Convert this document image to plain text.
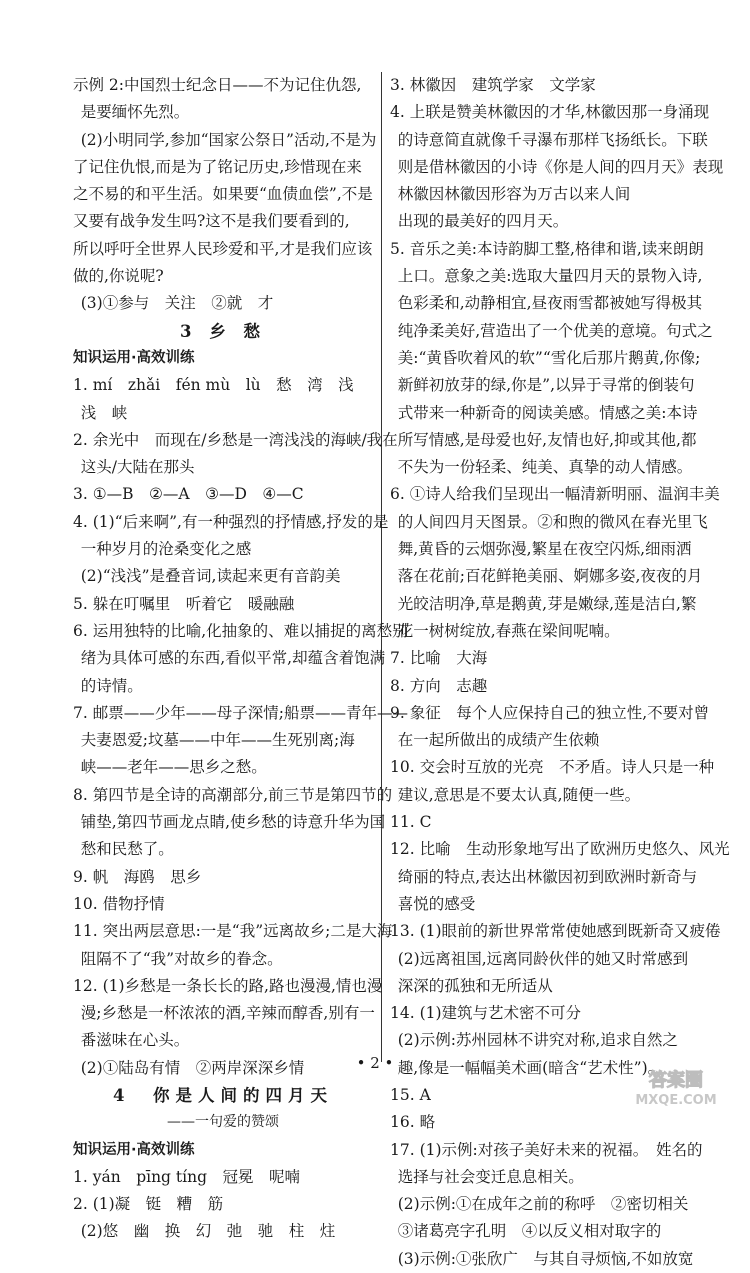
示例 2:中国烈士纪念日——不为记住仇怨,
是要缅怀先烈。
(2)小明同学,参加“国家公祭日”活动,不是为
了记住仇恨,而是为了铭记历史,珍惜现在来
之不易的和平生活。如果要“血债血偿”,不是
又要有战争发生吗?这不是我们要看到的,
所以呼吁全世界人民珍爱和平,才是我们应该
做的,你说呢?
(3)①参与　关注　②就　才
3 乡 愁
知识运用·高效训练
1. mí　zhǎi　fén mù　lù　愁　湾　浅
浅　峡
2. 余光中　而现在/乡愁是一湾浅浅的海峡/我在
这头/大陆在那头
3. ①—B　②—A　③—D　④—C
4. (1)“后来啊”,有一种强烈的抒情感,抒发的是
一种岁月的沧桑变化之感
(2)“浅浅”是叠音词,读起来更有音韵美
5. 躲在叮嘱里　听着它　暖融融
6. 运用独特的比喻,化抽象的、难以捕捉的离愁别
绪为具体可感的东西,看似平常,却蕴含着饱满
的诗情。
7. 邮票——少年——母子深情;船票——青年——
夫妻恩爱;坟墓——中年——生死别离;海
峡——老年——思乡之愁。
8. 第四节是全诗的高潮部分,前三节是第四节的
铺垫,第四节画龙点睛,使乡愁的诗意升华为国
愁和民愁了。
9. 帆　海鸥　思乡
10. 借物抒情
11. 突出两层意思:一是“我”远离故乡;二是大海
阻隔不了“我”对故乡的眷念。
12. (1)乡愁是一条长长的路,路也漫漫,情也漫
漫;乡愁是一杯浓浓的酒,辛辣而醇香,别有一
番滋味在心头。
(2)①陆岛有情　②两岸深深乡情
4　你是人间的四月天
——一句爱的赞颂
知识运用·高效训练
1. yán　pīng tíng　冠冕　呢喃
2. (1)凝　铤　糟　筋
(2)悠　幽　换　幻　弛　驰　柱　炷
3. 林徽因　建筑学家　文学家
4. 上联是赞美林徽因的才华,林徽因那一身涌现
的诗意简直就像千寻瀑布那样飞扬纸长。下联
则是借林徽因的小诗《你是人间的四月天》表现
林徽因林徽因形容为万古以来人间
出现的最美好的四月天。
5. 音乐之美:本诗韵脚工整,格律和谐,读来朗朗
上口。意象之美:选取大量四月天的景物入诗,
色彩柔和,动静相宜,昼夜雨雪都被她写得极其
纯净柔美好,营造出了一个优美的意境。句式之
美:“黄昏吹着风的软”“雪化后那片鹅黄,你像;
新鲜初放芽的绿,你是”,以异于寻常的倒装句
式带来一种新奇的阅读美感。情感之美:本诗
所写情感,是母爱也好,友情也好,抑或其他,都
不失为一份轻柔、纯美、真挚的动人情感。
6. ①诗人给我们呈现出一幅清新明丽、温润丰美
的人间四月天图景。②和煦的微风在春光里飞
舞,黄昏的云烟弥漫,繁星在夜空闪烁,细雨洒
落在花前;百花鲜艳美丽、婀娜多姿,夜夜的月
光皎洁明净,草是鹅黄,芽是嫩绿,莲是洁白,繁
花一树树绽放,春燕在梁间呢喃。
7. 比喻　大海
8. 方向　志趣
9. 象征　每个人应保持自己的独立性,不要对曾
在一起所做出的成绩产生依赖
10. 交会时互放的光亮　不矛盾。诗人只是一种
建议,意思是不要太认真,随便一些。
11. C
12. 比喻　生动形象地写出了欧洲历史悠久、风光
绮丽的特点,表达出林徽因初到欧洲时新奇与
喜悦的感受
13. (1)眼前的新世界常常使她感到既新奇又疲倦
(2)远离祖国,远离同龄伙伴的她又时常感到
深深的孤独和无所适从
14. (1)建筑与艺术密不可分
(2)示例:苏州园林不讲究对称,追求自然之
趣,像是一幅幅美术画(暗含“艺术性”)。
15. A
16. 略
17. (1)示例:对孩子美好未来的祝福。　姓名的
选择与社会变迁息息相关。
(2)示例:①在成年之前的称呼　②密切相关
③诸葛亮字孔明　④以反义相对取字的
(3)示例:①张欣广　与其自寻烦恼,不如放宽
• 2 •
答案圈
MXQE.COM
